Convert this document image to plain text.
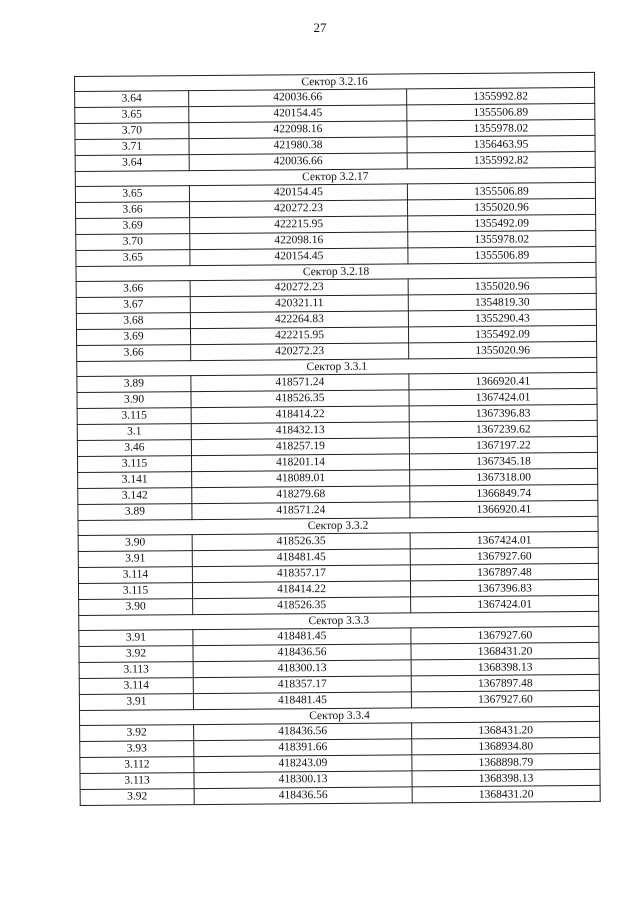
27
Сектор 3.2.16		
3.64	420036.66	1355992.82
3.65	420154.45	1355506.89
3.70	422098.16	1355978.02
3.71	421980.38	1356463.95
3.64	420036.66	1355992.82
Сектор 3.2.17		
3.65	420154.45	1355506.89
3.66	420272.23	1355020.96
3.69	422215.95	1355492.09
3.70	422098.16	1355978.02
3.65	420154.45	1355506.89
Сектор 3.2.18		
3.66	420272.23	1355020.96
3.67	420321.11	1354819.30
3.68	422264.83	1355290.43
3.69	422215.95	1355492.09
3.66	420272.23	1355020.96
Сектор 3.3.1		
3.89	418571.24	1366920.41
3.90	418526.35	1367424.01
3.115	418414.22	1367396.83
3.1	418432.13	1367239.62
3.46	418257.19	1367197.22
3.115	418201.14	1367345.18
3.141	418089.01	1367318.00
3.142	418279.68	1366849.74
3.89	418571.24	1366920.41
Сектор 3.3.2		
3.90	418526.35	1367424.01
3.91	418481.45	1367927.60
3.114	418357.17	1367897.48
3.115	418414.22	1367396.83
3.90	418526.35	1367424.01
Сектор 3.3.3		
3.91	418481.45	1367927.60
3.92	418436.56	1368431.20
3.113	418300.13	1368398.13
3.114	418357.17	1367897.48
3.91	418481.45	1367927.60
Сектор 3.3.4		
3.92	418436.56	1368431.20
3.93	418391.66	1368934.80
3.112	418243.09	1368898.79
3.113	418300.13	1368398.13
3.92	418436.56	1368431.20
